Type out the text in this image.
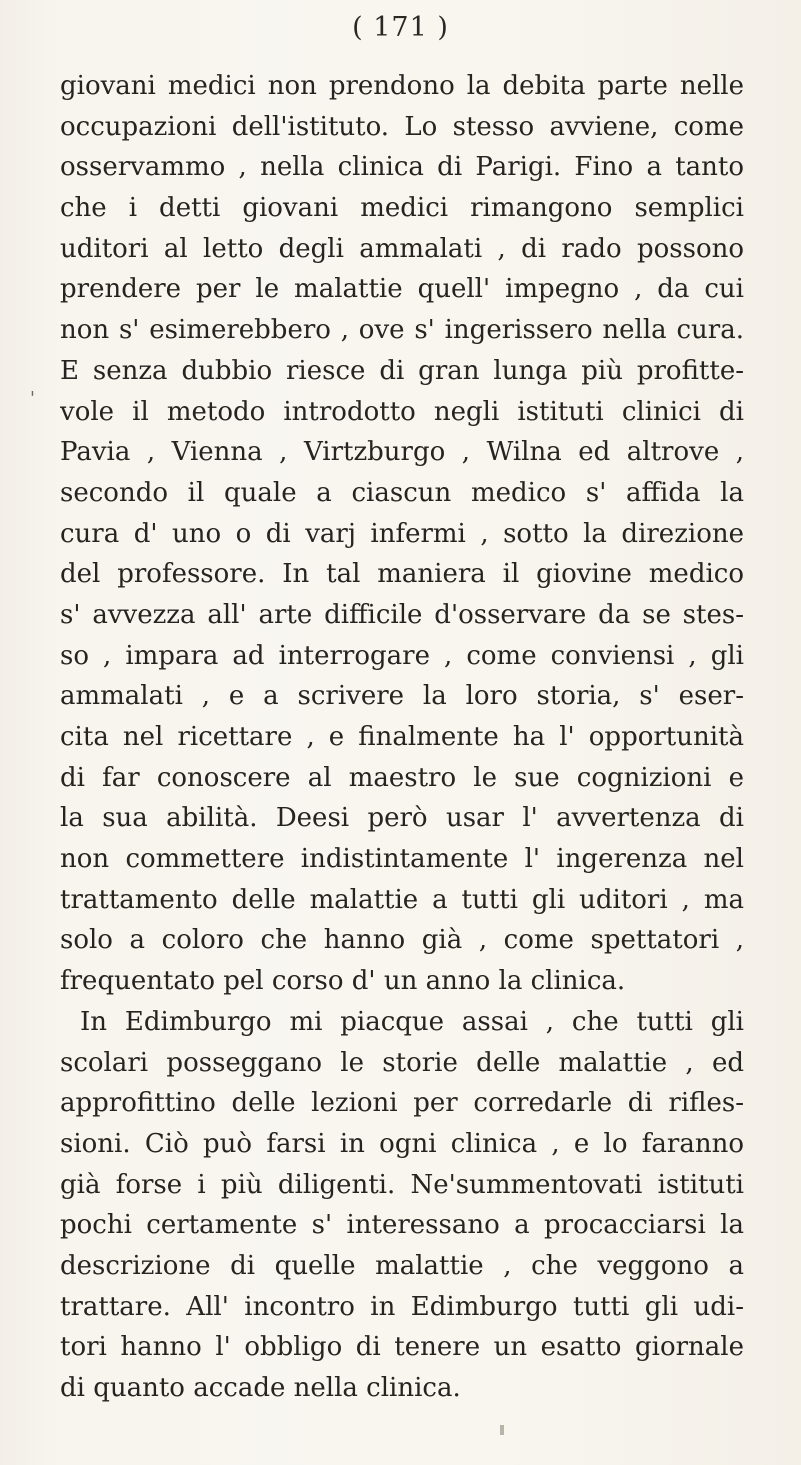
( 171 )
'
giovani medici non prendono la debita parte nelle
occupazioni dell'istituto. Lo stesso avviene, come
osservammo , nella clinica di Parigi. Fino a tanto
che i detti giovani medici rimangono semplici
uditori al letto degli ammalati , di rado possono
prendere per le malattie quell' impegno , da cui
non s' esimerebbero , ove s' ingerissero nella cura.
E senza dubbio riesce di gran lunga più profitte-
vole il metodo introdotto negli istituti clinici di
Pavia , Vienna , Virtzburgo , Wilna ed altrove ,
secondo il quale a ciascun medico s' affida la
cura d' uno o di varj infermi , sotto la direzione
del professore. In tal maniera il giovine medico
s' avvezza all' arte difficile d'osservare da se stes-
so , impara ad interrogare , come conviensi , gli
ammalati , e a scrivere la loro storia, s' eser-
cita nel ricettare , e finalmente ha l' opportunità
di far conoscere al maestro le sue cognizioni e
la sua abilità. Deesi però usar l' avvertenza di
non commettere indistintamente l' ingerenza nel
trattamento delle malattie a tutti gli uditori , ma
solo a coloro che hanno già , come spettatori ,
frequentato pel corso d' un anno la clinica.
In Edimburgo mi piacque assai , che tutti gli
scolari posseggano le storie delle malattie , ed
approfittino delle lezioni per corredarle di rifles-
sioni. Ciò può farsi in ogni clinica , e lo faranno
già forse i più diligenti. Ne'summentovati istituti
pochi certamente s' interessano a procacciarsi la
descrizione di quelle malattie , che veggono a
trattare. All' incontro in Edimburgo tutti gli udi-
tori hanno l' obbligo di tenere un esatto giornale
di quanto accade nella clinica.
